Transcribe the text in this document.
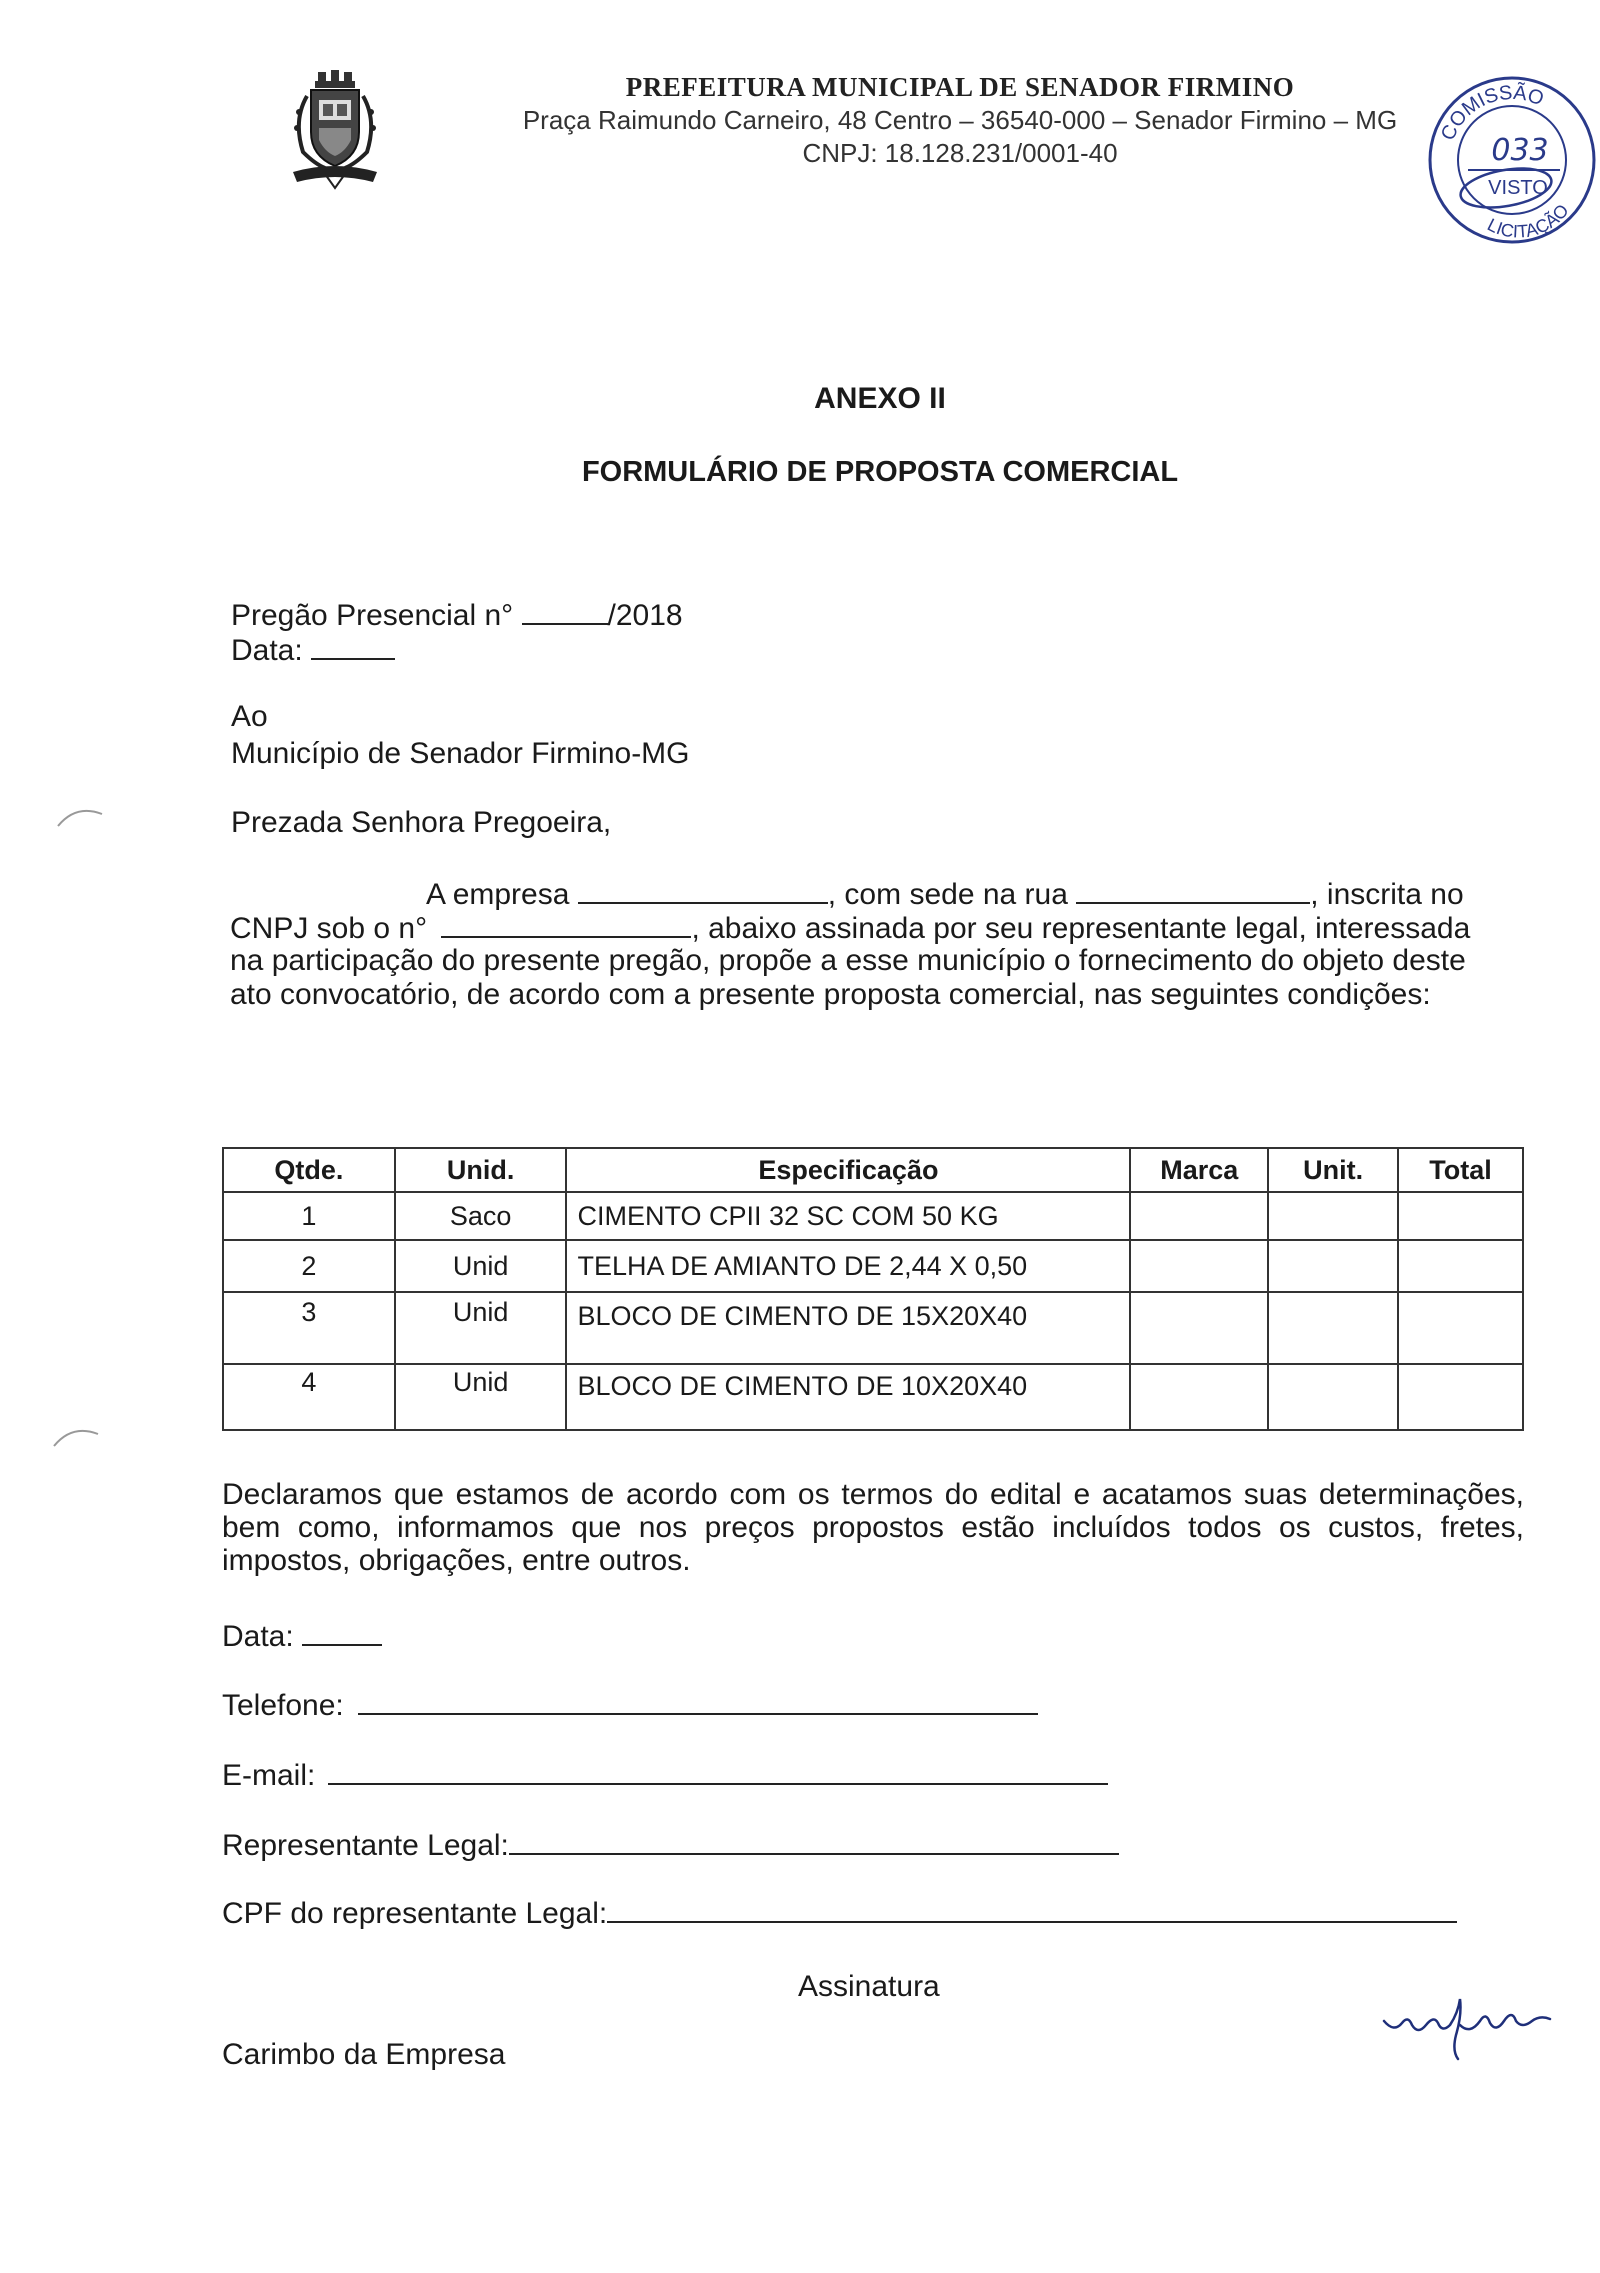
PREFEITURA MUNICIPAL DE SENADOR FIRMINO
Praça Raimundo Carneiro, 48 Centro – 36540-000 – Senador Firmino – MG
CNPJ: 18.128.231/0001-40
COMISSÃO
LICITAÇÃO
033
VISTO
ANEXO II
FORMULÁRIO DE PROPOSTA COMERCIAL
Pregão Presencial n°	/2018
Data:
Ao
Município de Senador Firmino-MG
Prezada Senhora Pregoeira,
A empresa	, com sede na rua	, inscrita no
CNPJ sob o n°	, abaixo assinada por seu representante legal, interessada
na participação do presente pregão, propõe a esse município o fornecimento do objeto deste
ato convocatório, de acordo com a presente proposta comercial, nas seguintes condições:
Qtde.	Unid.	Especificação	Marca	Unit.	Total
1	Saco	CIMENTO CPII 32 SC COM 50 KG			
2	Unid	TELHA DE AMIANTO DE 2,44 X 0,50			
3	Unid	BLOCO DE CIMENTO DE 15X20X40			
4	Unid	BLOCO DE CIMENTO DE 10X20X40			
Declaramos que estamos de acordo com os termos do edital e acatamos suas determinações, bem como, informamos que nos preços propostos estão incluídos todos os custos, fretes, impostos, obrigações, entre outros.
Data:
Telefone:
E-mail:
Representante Legal:
CPF do representante Legal:
Assinatura
Carimbo da Empresa
